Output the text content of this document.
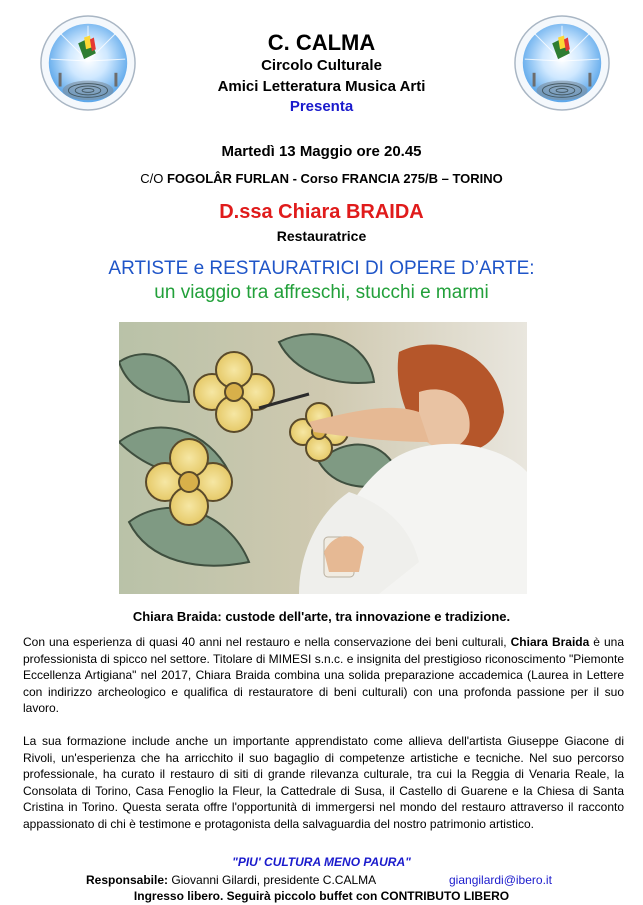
C. CALMA
Circolo Culturale
Amici Letteratura Musica Arti
Presenta
Martedì 13 Maggio ore 20.45
C/O FOGOLÂR FURLAN - Corso FRANCIA 275/B – TORINO
D.ssa Chiara BRAIDA
Restauratrice
ARTISTE e RESTAURATRICI DI OPERE D’ARTE:
un viaggio tra affreschi, stucchi e marmi
Chiara Braida: custode dell'arte, tra innovazione e tradizione.

Con una esperienza di quasi 40 anni nel restauro e nella conservazione dei beni culturali, Chiara Braida è una professionista di spicco nel settore. Titolare di MIMESI s.n.c. e insignita del prestigioso riconoscimento "Piemonte Eccellenza Artigiana" nel 2017, Chiara Braida combina una solida preparazione accademica (Laurea in Lettere con indirizzo archeologico e qualifica di restauratore di beni culturali) con una profonda passione per il suo lavoro.

La sua formazione include anche un importante apprendistato come allieva dell'artista Giuseppe Giacone di Rivoli, un'esperienza che ha arricchito il suo bagaglio di competenze artistiche e tecniche. Nel suo percorso professionale, ha curato il restauro di siti di grande rilevanza culturale, tra cui la Reggia di Venaria Reale, la Consolata di Torino, Casa Fenoglio la Fleur, la Cattedrale di Susa, il Castello di Guarene e la Chiesa di Santa Cristina in Torino. Questa serata offre l'opportunità di immergersi nel mondo del restauro attraverso il racconto appassionato di chi è testimone e protagonista della salvaguardia del nostro patrimonio artistico.

"PIU' CULTURA MENO PAURA"
Responsabile: Giovanni Gilardi, presidente C.CALMA	giangilardi@ibero.it
Ingresso libero. Seguirà piccolo buffet con CONTRIBUTO LIBERO
